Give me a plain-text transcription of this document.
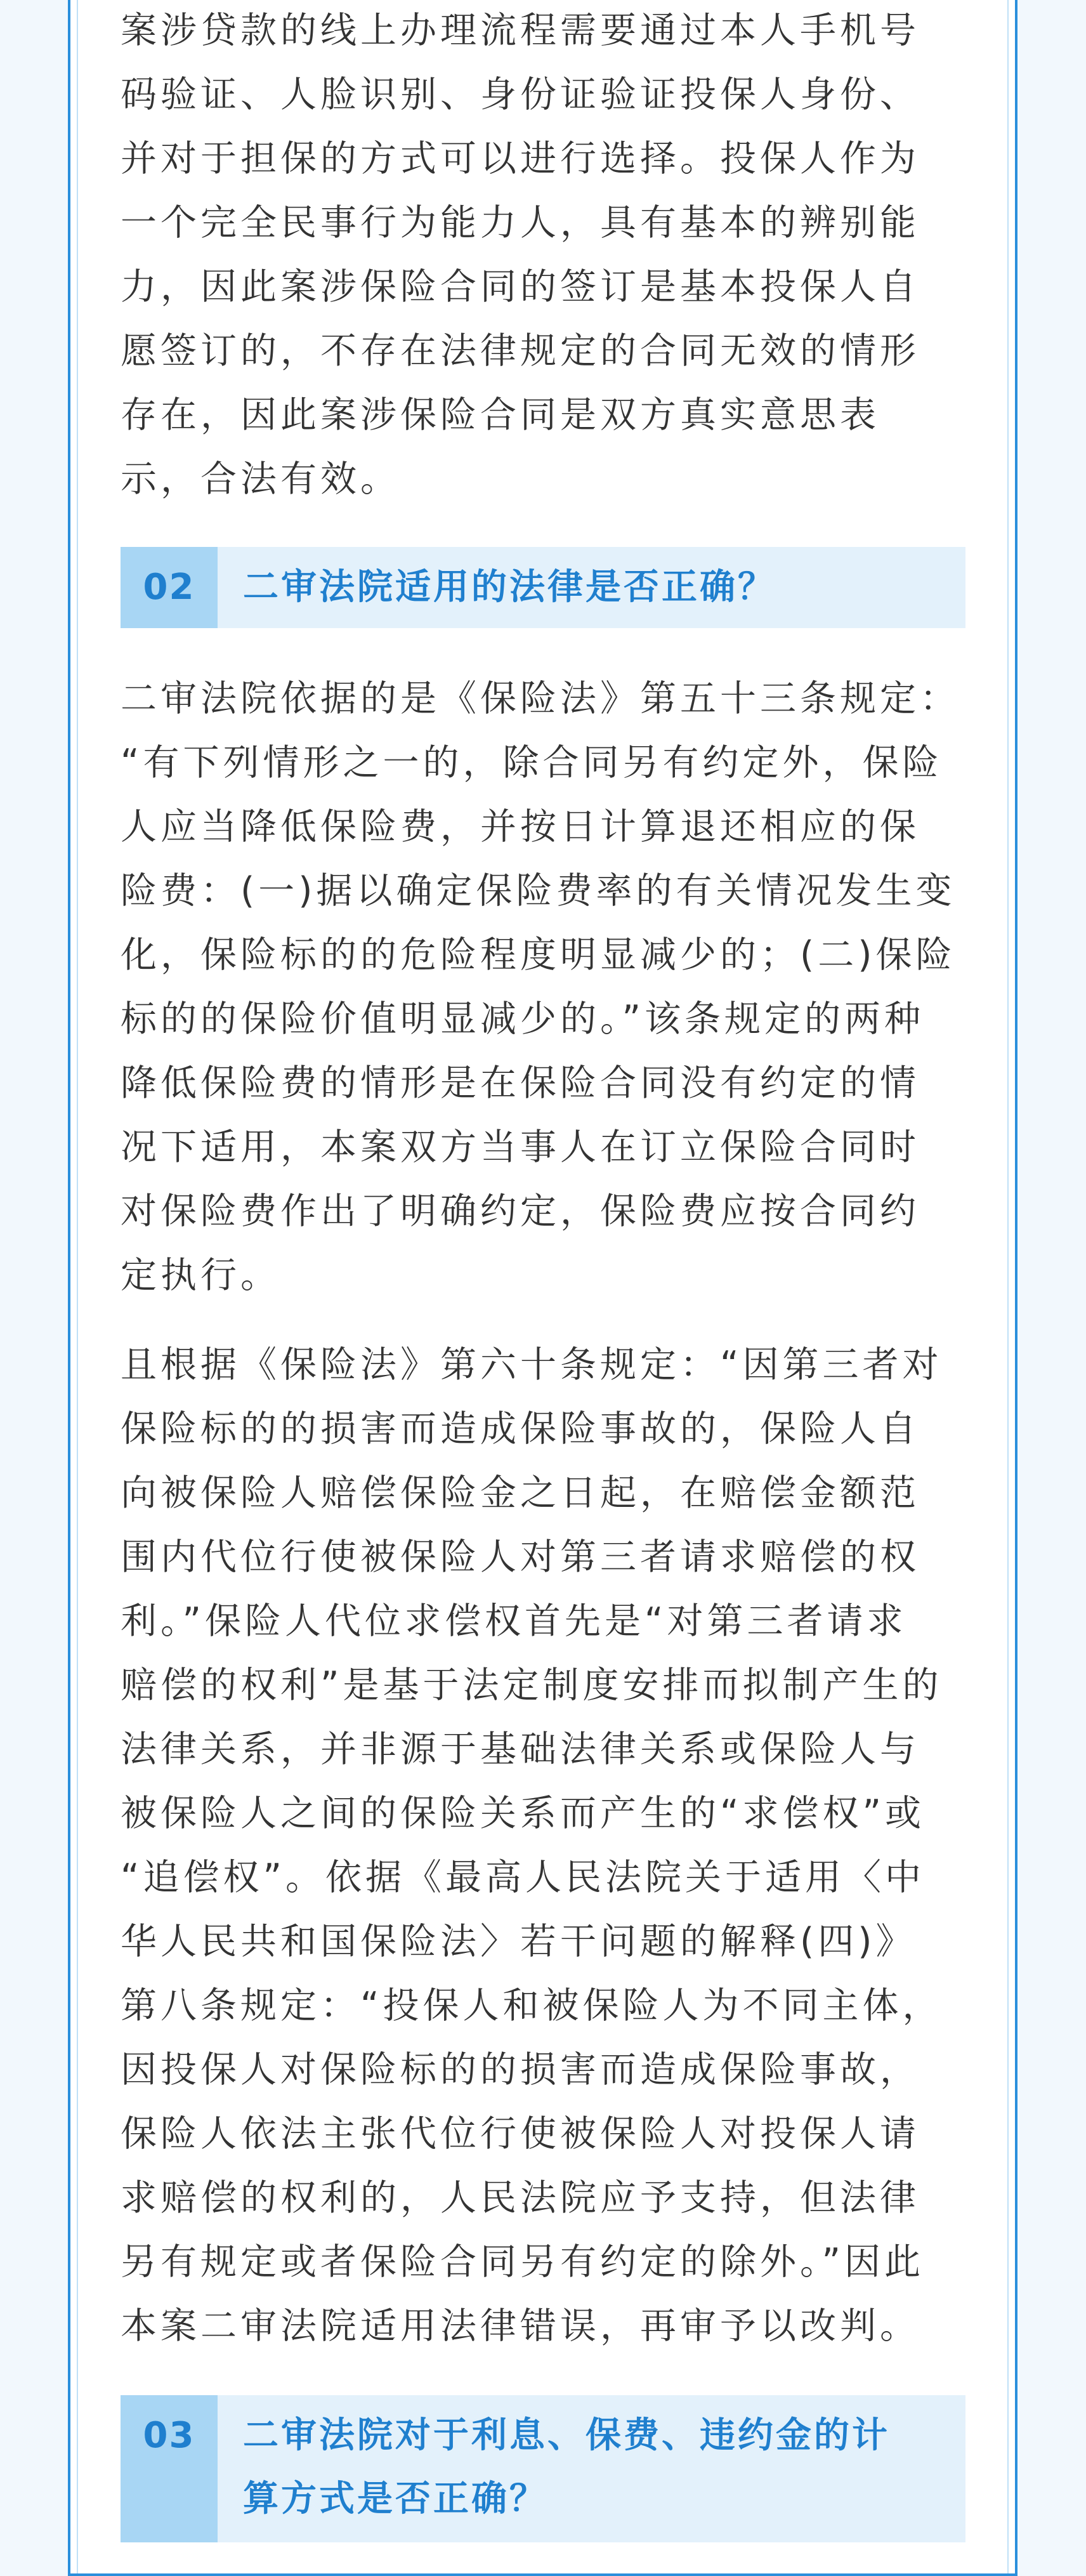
案涉贷款的线上办理流程需要通过本人手机号
码验证、人脸识别、身份证验证投保人身份、
并对于担保的方式可以进行选择。投保人作为
一个完全民事行为能力人，具有基本的辨别能
力，因此案涉保险合同的签订是基本投保人自
愿签订的，不存在法律规定的合同无效的情形
存在，因此案涉保险合同是双方真实意思表
示，合法有效。

02	二审法院适用的法律是否正确？

二审法院依据的是《保险法》第五十三条规定：
“有下列情形之一的，除合同另有约定外，保险
人应当降低保险费，并按日计算退还相应的保
险费：(一)据以确定保险费率的有关情况发生变
化，保险标的的危险程度明显减少的；(二)保险
标的的保险价值明显减少的。”该条规定的两种
降低保险费的情形是在保险合同没有约定的情
况下适用，本案双方当事人在订立保险合同时
对保险费作出了明确约定，保险费应按合同约
定执行。

且根据《保险法》第六十条规定：“因第三者对
保险标的的损害而造成保险事故的，保险人自
向被保险人赔偿保险金之日起，在赔偿金额范
围内代位行使被保险人对第三者请求赔偿的权
利。”保险人代位求偿权首先是“对第三者请求
赔偿的权利”是基于法定制度安排而拟制产生的
法律关系，并非源于基础法律关系或保险人与
被保险人之间的保险关系而产生的“求偿权”或
“追偿权”。依据《最高人民法院关于适用〈中
华人民共和国保险法〉若干问题的解释(四)》
第八条规定：“投保人和被保险人为不同主体，
因投保人对保险标的的损害而造成保险事故，
保险人依法主张代位行使被保险人对投保人请
求赔偿的权利的，人民法院应予支持，但法律
另有规定或者保险合同另有约定的除外。”因此
本案二审法院适用法律错误，再审予以改判。

03	二审法院对于利息、保费、违约金的计
算方式是否正确？
